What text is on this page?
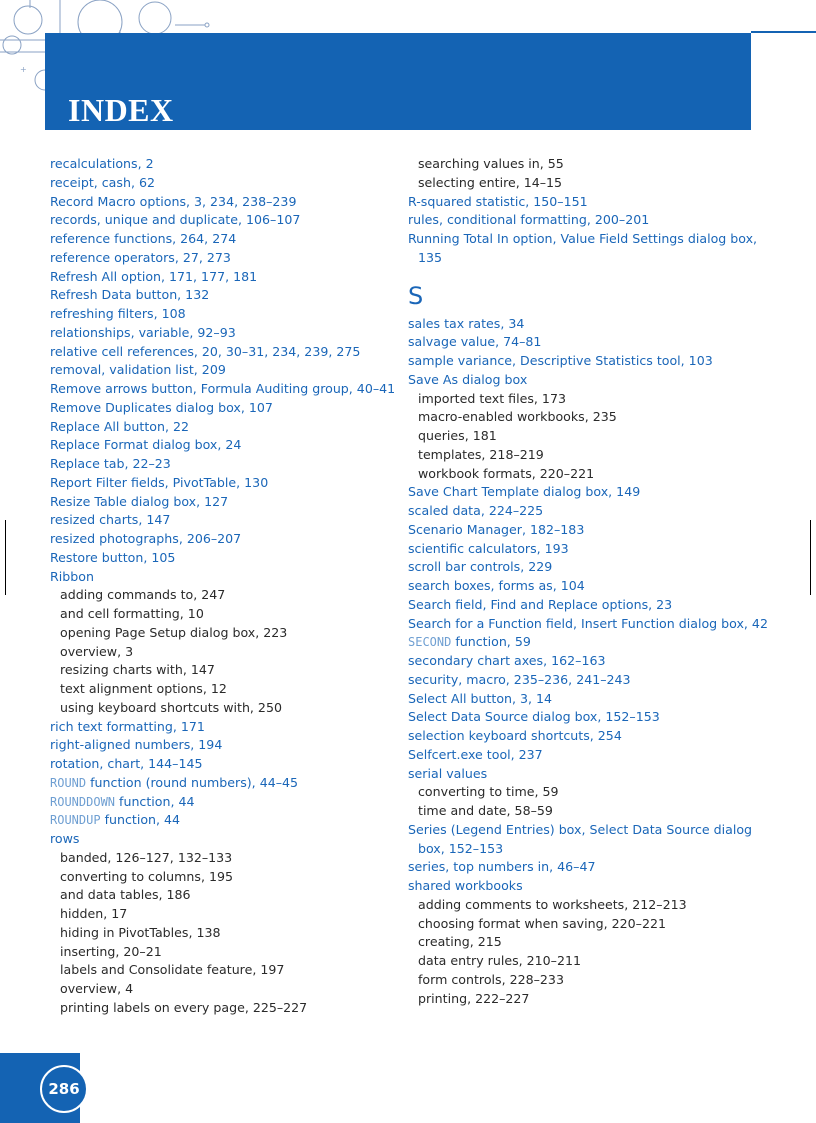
+
INDEX
recalculations, 2
receipt, cash, 62
Record Macro options, 3, 234, 238–239
records, unique and duplicate, 106–107
reference functions, 264, 274
reference operators, 27, 273
Refresh All option, 171, 177, 181
Refresh Data button, 132
refreshing filters, 108
relationships, variable, 92–93
relative cell references, 20, 30–31, 234, 239, 275
removal, validation list, 209
Remove arrows button, Formula Auditing group, 40–41
Remove Duplicates dialog box, 107
Replace All button, 22
Replace Format dialog box, 24
Replace tab, 22–23
Report Filter fields, PivotTable, 130
Resize Table dialog box, 127
resized charts, 147
resized photographs, 206–207
Restore button, 105
Ribbon
adding commands to, 247
and cell formatting, 10
opening Page Setup dialog box, 223
overview, 3
resizing charts with, 147
text alignment options, 12
using keyboard shortcuts with, 250
rich text formatting, 171
right-aligned numbers, 194
rotation, chart, 144–145
ROUND function (round numbers), 44–45
ROUNDDOWN function, 44
ROUNDUP function, 44
rows
banded, 126–127, 132–133
converting to columns, 195
and data tables, 186
hidden, 17
hiding in PivotTables, 138
inserting, 20–21
labels and Consolidate feature, 197
overview, 4
printing labels on every page, 225–227
searching values in, 55
selecting entire, 14–15
R-squared statistic, 150–151
rules, conditional formatting, 200–201
Running Total In option, Value Field Settings dialog box, 135
S
sales tax rates, 34
salvage value, 74–81
sample variance, Descriptive Statistics tool, 103
Save As dialog box
imported text files, 173
macro-enabled workbooks, 235
queries, 181
templates, 218–219
workbook formats, 220–221
Save Chart Template dialog box, 149
scaled data, 224–225
Scenario Manager, 182–183
scientific calculators, 193
scroll bar controls, 229
search boxes, forms as, 104
Search field, Find and Replace options, 23
Search for a Function field, Insert Function dialog box, 42
SECOND function, 59
secondary chart axes, 162–163
security, macro, 235–236, 241–243
Select All button, 3, 14
Select Data Source dialog box, 152–153
selection keyboard shortcuts, 254
Selfcert.exe tool, 237
serial values
converting to time, 59
time and date, 58–59
Series (Legend Entries) box, Select Data Source dialog box, 152–153
series, top numbers in, 46–47
shared workbooks
adding comments to worksheets, 212–213
choosing format when saving, 220–221
creating, 215
data entry rules, 210–211
form controls, 228–233
printing, 222–227
286
